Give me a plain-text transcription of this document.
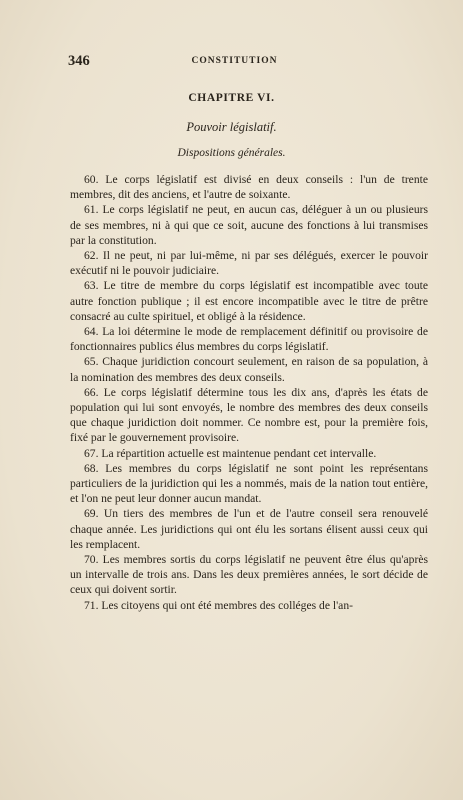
346	CONSTITUTION
CHAPITRE VI.
Pouvoir législatif.
Dispositions générales.

60. Le corps législatif est divisé en deux conseils : l'un de trente membres, dit des anciens, et l'autre de soixante.

61. Le corps législatif ne peut, en aucun cas, déléguer à un ou plusieurs de ses membres, ni à qui que ce soit, aucune des fonctions à lui transmises par la constitution.

62. Il ne peut, ni par lui-même, ni par ses délégués, exercer le pouvoir exécutif ni le pouvoir judiciaire.

63. Le titre de membre du corps législatif est incompatible avec toute autre fonction publique ; il est encore incompatible avec le titre de prêtre consacré au culte spirituel, et obligé à la résidence.

64. La loi détermine le mode de remplacement définitif ou provisoire de fonctionnaires publics élus membres du corps législatif.

65. Chaque juridiction concourt seulement, en raison de sa population, à la nomination des membres des deux conseils.

66. Le corps législatif détermine tous les dix ans, d'après les états de population qui lui sont envoyés, le nombre des membres des deux conseils que chaque juridiction doit nommer. Ce nombre est, pour la première fois, fixé par le gouvernement provisoire.

67. La répartition actuelle est maintenue pendant cet intervalle.

68. Les membres du corps législatif ne sont point les représentans particuliers de la juridiction qui les a nommés, mais de la nation tout entière, et l'on ne peut leur donner aucun mandat.

69. Un tiers des membres de l'un et de l'autre conseil sera renouvelé chaque année. Les juridictions qui ont élu les sortans élisent aussi ceux qui les remplacent.

70. Les membres sortis du corps législatif ne peuvent être élus qu'après un intervalle de trois ans. Dans les deux premières années, le sort décide de ceux qui doivent sortir.

71. Les citoyens qui ont été membres des colléges de l'an-
